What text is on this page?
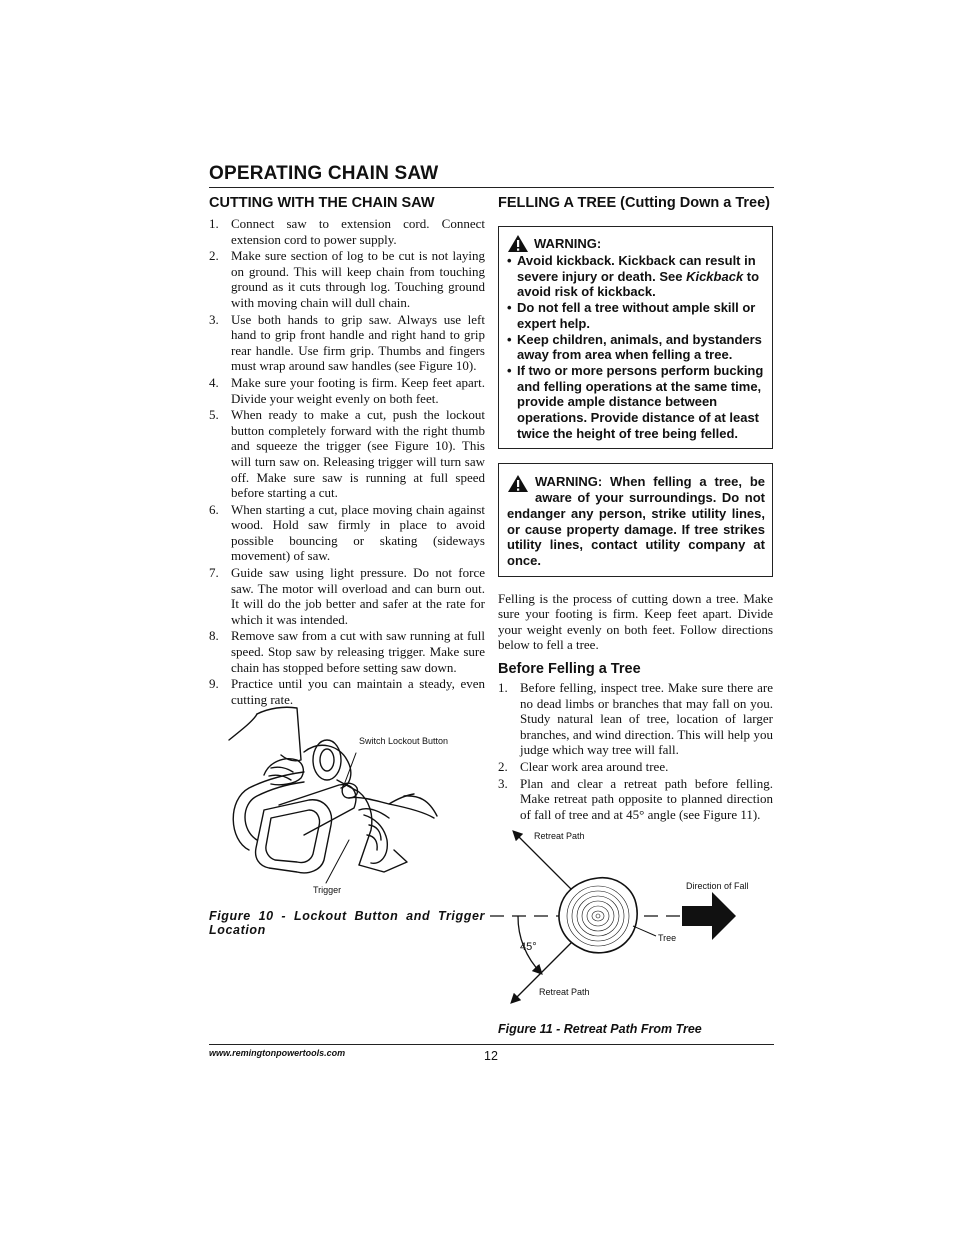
OPERATING CHAIN SAW
CUTTING WITH THE CHAIN SAW
1. Connect saw to extension cord. Connect extension cord to power supply.
2. Make sure section of log to be cut is not laying on ground. This will keep chain from touching ground as it cuts through log. Touching ground with moving chain will dull chain.
3. Use both hands to grip saw. Always use left hand to grip front handle and right hand to grip rear handle. Use firm grip. Thumbs and fingers must wrap around saw handles (see Figure 10).
4. Make sure your footing is firm. Keep feet apart. Divide your weight evenly on both feet.
5. When ready to make a cut, push the lockout button completely forward with the right thumb and squeeze the trigger (see Figure 10). This will turn saw on. Releasing trigger will turn saw off. Make sure saw is running at full speed before starting a cut.
6. When starting a cut, place moving chain against wood. Hold saw firmly in place to avoid possible bouncing or skating (sideways movement) of saw.
7. Guide saw using light pressure. Do not force saw. The motor will overload and can burn out. It will do the job better and safer at the rate for which it was intended.
8. Remove saw from a cut with saw running at full speed. Stop saw by releasing trigger. Make sure chain has stopped before setting saw down.
9. Practice until you can maintain a steady, even cutting rate.
Switch Lockout Button
Trigger
Figure 10 - Lockout Button and Trigger Location
FELLING A TREE (Cutting Down a Tree)
WARNING:
• Avoid kickback. Kickback can result in severe injury or death. See Kickback to avoid risk of kickback.
• Do not fell a tree without ample skill or expert help.
• Keep children, animals, and bystanders away from area when felling a tree.
• If two or more persons perform bucking and felling operations at the same time, provide ample distance between operations. Provide distance of at least twice the height of tree being felled.
WARNING: When felling a tree, be aware of your surroundings. Do not endanger any person, strike utility lines, or cause property damage. If tree strikes utility lines, contact utility company at once.

Felling is the process of cutting down a tree. Make sure your footing is firm. Keep feet apart. Divide your weight evenly on both feet. Follow directions below to fell a tree.

Before Felling a Tree
1. Before felling, inspect tree. Make sure there are no dead limbs or branches that may fall on you. Study natural lean of tree, location of larger branches, and wind direction. This will help you judge which way tree will fall.
2. Clear work area around tree.
3. Plan and clear a retreat path before felling. Make retreat path opposite to planned direction of fall of tree and at 45° angle (see Figure 11).
Retreat Path
Direction of Fall
Tree
45°
Retreat Path
Figure 11 - Retreat Path From Tree
www.remingtonpowertools.com	12
